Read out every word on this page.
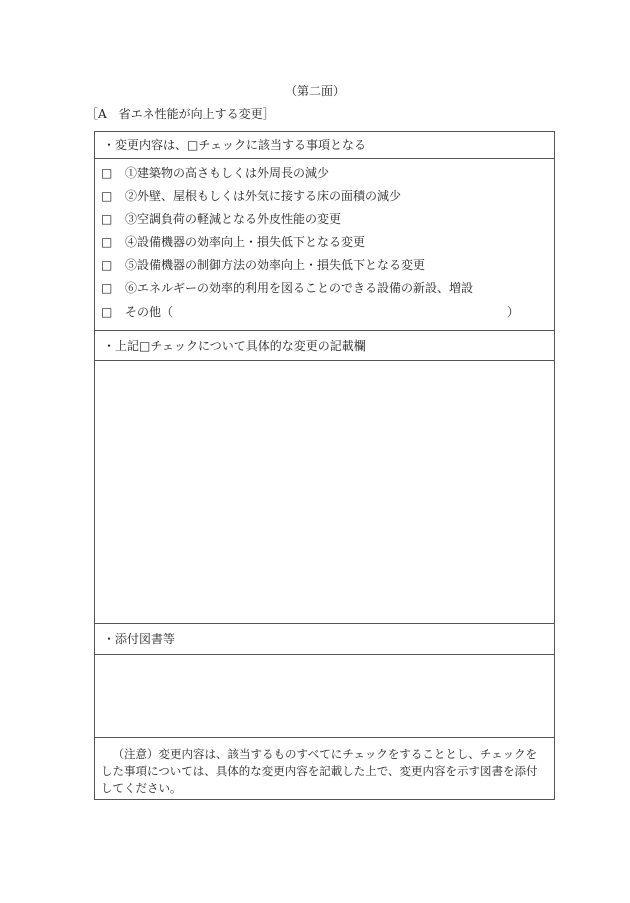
（第二面）
［A　省エネ性能が向上する変更］
・変更内容は、□チェックに該当する事項となる
□ ①建築物の高さもしくは外周長の減少
□ ②外壁、屋根もしくは外気に接する床の面積の減少
□ ③空調負荷の軽減となる外皮性能の変更
□ ④設備機器の効率向上・損失低下となる変更
□ ⑤設備機器の制御方法の効率向上・損失低下となる変更
□ ⑥エネルギーの効率的利用を図ることのできる設備の新設、増設
□ その他（	）
・上記□チェックについて具体的な変更の記載欄
・添付図書等
（注意）変更内容は、該当するものすべてにチェックをすることとし、チェックをした事項については、具体的な変更内容を記載した上で、変更内容を示す図書を添付してください。
